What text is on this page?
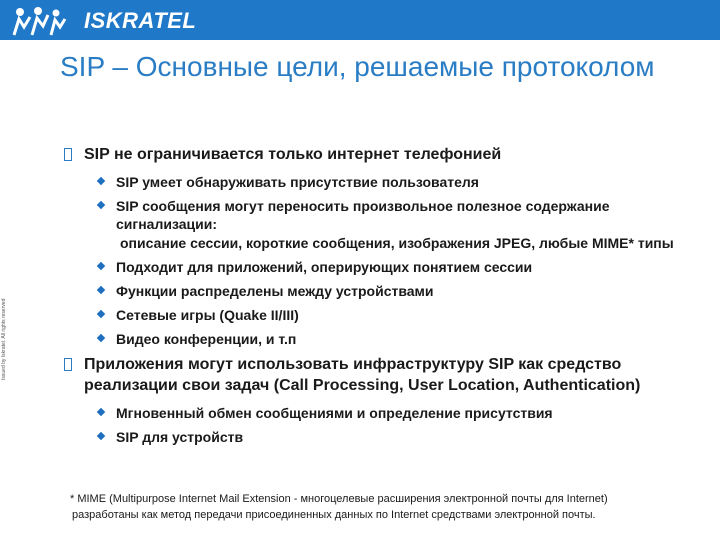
ISKRATEL
Issued by Iskratel. All rights reserved
SIP – Основные цели, решаемые протоколом
SIP не ограничивается только интернет телефонией
SIP умеет обнаруживать присутствие пользователя
SIP сообщения могут переносить произвольное полезное содержание сигнализации:
описание сессии, короткие сообщения, изображения JPEG, любые MIME* типы
Подходит для приложений, оперирующих понятием сессии
Функции распределены между устройствами
Сетевые игры (Quake II/III)
Видео конференции, и т.п
Приложения могут использовать инфраструктуру SIP как средство реализации свои задач (Call Processing, User Location, Authentication)
Мгновенный обмен сообщениями и определение присутствия
SIP для устройств
* MIME (Multipurpose Internet Mail Extension - многоцелевые расширения электронной почты для Internet)
разработаны как метод передачи присоединенных данных по Internet средствами электронной почты.
